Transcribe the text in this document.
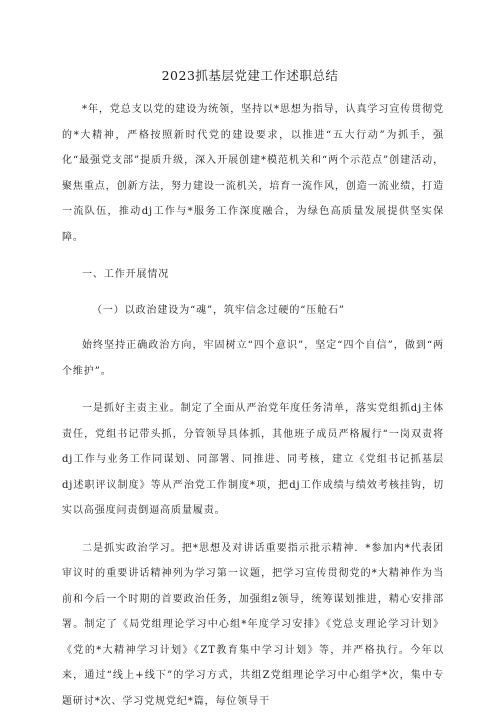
2023抓基层党建工作述职总结

*年，党总支以党的建设为统领，坚持以*思想为指导，认真学习宣传贯彻党的*大精神，严格按照新时代党的建设要求，以推进“五大行动”为抓手，强化“最强党支部”提质升级，深入开展创建*模范机关和“两个示范点”创建活动，聚焦重点，创新方法，努力建设一流机关，培育一流作风，创造一流业绩，打造一流队伍，推动dj工作与*服务工作深度融合，为绿色高质量发展提供坚实保障。

一、工作开展情况

（一）以政治建设为“魂”，筑牢信念过硬的“压舱石”

始终坚持正确政治方向，牢固树立“四个意识”，坚定“四个自信”，做到“两个维护”。

一是抓好主责主业。制定了全面从严治党年度任务清单，落实党组抓dj主体责任，党组书记带头抓，分管领导具体抓，其他班子成员严格履行“一岗双责将dj工作与业务工作同谋划、同部署、同推进、同考核，建立《党组书记抓基层dj述职评议制度》等从严治党工作制度*项，把dj工作成绩与绩效考核挂钩，切实以高强度问责倒逼高质量履责。

二是抓实政治学习。把*思想及对讲话重要指示批示精神．*参加内*代表团审议时的重要讲话精神列为学习第一议题，把学习宣传贯彻党的*大精神作为当前和今后一个时期的首要政治任务，加强组z领导，统筹谋划推进，精心安排部署。制定了《局党组理论学习中心组*年度学习安排》《党总支理论学习计划》《党的*大精神学习计划》《ZT教育集中学习计划》等，并严格执行。今年以来，通过“线上+线下”的学习方式，共组Z党组理论学习中心组学*次，集中专题研讨*次、学习党规党纪*篇，每位领导干
